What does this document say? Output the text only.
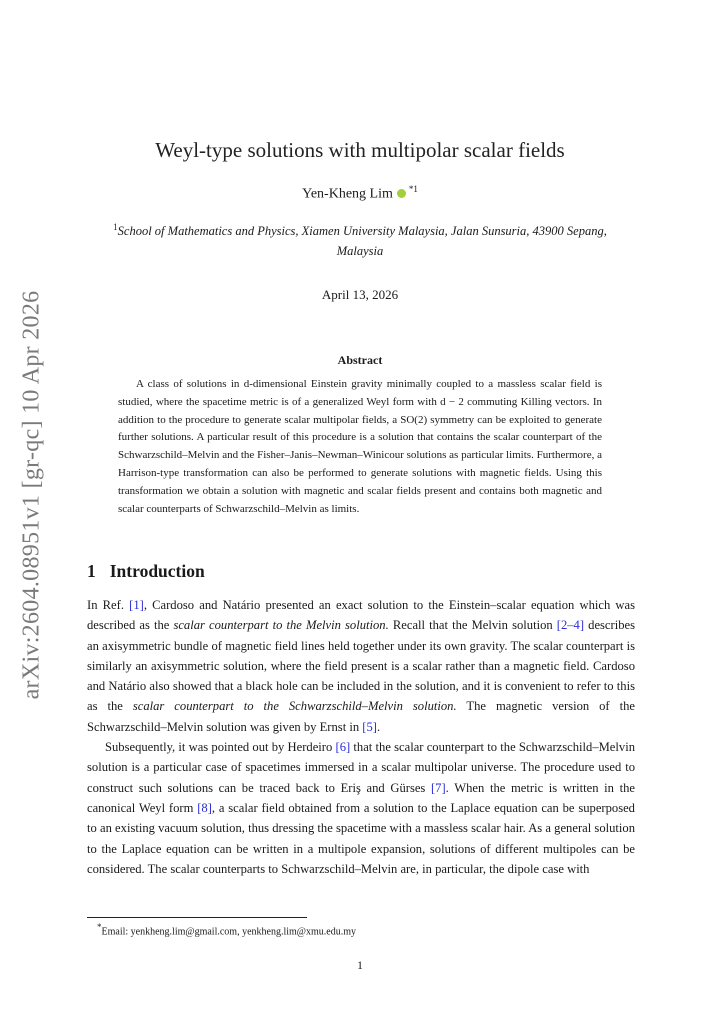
arXiv:2604.08951v1 [gr-qc] 10 Apr 2026
Weyl-type solutions with multipolar scalar fields
Yen-Kheng Lim $^{*1}$
$^1$School of Mathematics and Physics, Xiamen University Malaysia, Jalan Sunsuria, 43900 Sepang, Malaysia
April 13, 2026
Abstract
A class of solutions in d-dimensional Einstein gravity minimally coupled to a massless scalar field is studied, where the spacetime metric is of a generalized Weyl form with d − 2 commuting Killing vectors. In addition to the procedure to generate scalar multipolar fields, a SO(2) symmetry can be exploited to generate further solutions. A particular result of this procedure is a solution that contains the scalar counterpart of the Schwarzschild–Melvin and the Fisher–Janis–Newman–Winicour solutions as particular limits. Furthermore, a Harrison-type transformation can also be performed to generate solutions with magnetic fields. Using this transformation we obtain a solution with magnetic and scalar fields present and contains both magnetic and scalar counterparts of Schwarzschild–Melvin as limits.
1 Introduction

In Ref. [1], Cardoso and Natário presented an exact solution to the Einstein–scalar equation which was described as the scalar counterpart to the Melvin solution. Recall that the Melvin solution [2–4] describes an axisymmetric bundle of magnetic field lines held together under its own gravity. The scalar counterpart is similarly an axisymmetric solution, where the field present is a scalar rather than a magnetic field. Cardoso and Natário also showed that a black hole can be included in the solution, and it is convenient to refer to this as the scalar counterpart to the Schwarzschild–Melvin solution. The magnetic version of the Schwarzschild–Melvin solution was given by Ernst in [5].

Subsequently, it was pointed out by Herdeiro [6] that the scalar counterpart to the Schwarzschild–Melvin solution is a particular case of spacetimes immersed in a scalar multipolar universe. The procedure used to construct such solutions can be traced back to Eriş and Gürses [7]. When the metric is written in the canonical Weyl form [8], a scalar field obtained from a solution to the Laplace equation can be superposed to an existing vacuum solution, thus dressing the spacetime with a massless scalar hair. As a general solution to the Laplace equation can be written in a multipole expansion, solutions of different multipoles can be considered. The scalar counterparts to Schwarzschild–Melvin are, in particular, the dipole case with

*Email: yenkheng.lim@gmail.com, yenkheng.lim@xmu.edu.my
1
